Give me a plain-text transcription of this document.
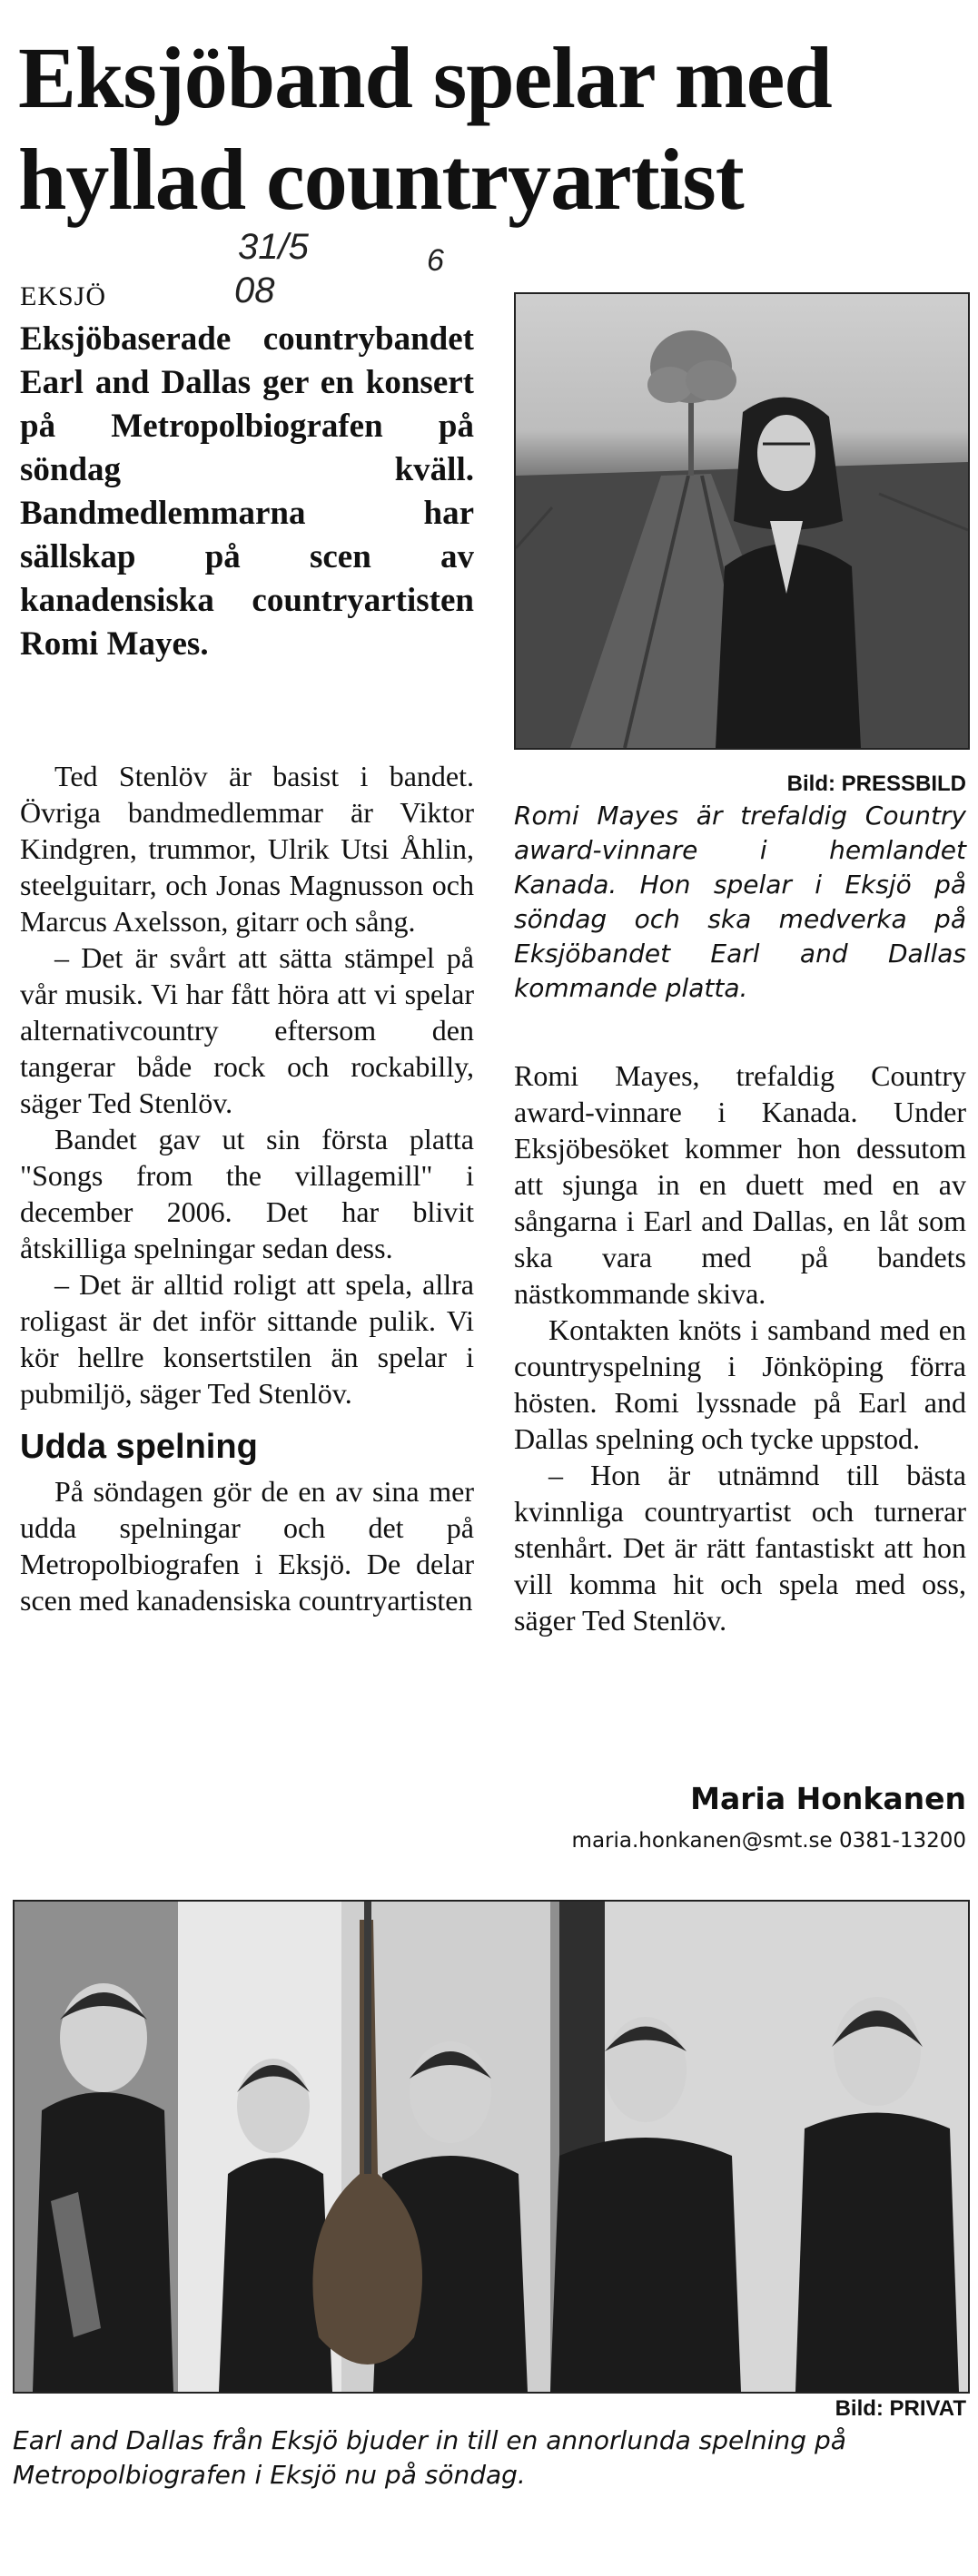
Eksjöband spelar med hyllad countryartist
31/5	6
08
EKSJÖ

Eksjöbaserade countrybandet Earl and Dallas ger en konsert på Metropolbiografen på söndag kväll. Bandmedlemmarna har sällskap på scen av kanadensiska countryartisten Romi Mayes.

Ted Stenlöv är basist i bandet. Övriga bandmedlemmar är Viktor Kindgren, trummor, Ulrik Utsi Åhlin, steelguitarr, och Jonas Magnusson och Marcus Axelsson, gitarr och sång.

– Det är svårt att sätta stämpel på vår musik. Vi har fått höra att vi spelar alternativcountry eftersom den tangerar både rock och rockabilly, säger Ted Stenlöv.

Bandet gav ut sin första platta "Songs from the villagemill" i december 2006. Det har blivit åtskilliga spelningar sedan dess.

– Det är alltid roligt att spela, allra roligast är det inför sittande pulik. Vi kör hellre konsertstilen än spelar i pubmiljö, säger Ted Stenlöv.

Udda spelning

På söndagen gör de en av sina mer udda spelningar och det på Metropolbiografen i Eksjö. De delar scen med kanadensiska countryartisten

Bild: PRESSBILD

Romi Mayes är trefaldig Country award-vinnare i hemlandet Kanada. Hon spelar i Eksjö på söndag och ska medverka på Eksjöbandet Earl and Dallas kommande platta.

Romi Mayes, trefaldig Country award-vinnare i Kanada. Under Eksjöbesöket kommer hon dessutom att sjunga in en duett med en av sångarna i Earl and Dallas, en låt som ska vara med på bandets nästkommande skiva.

Kontakten knöts i samband med en countryspelning i Jönköping förra hösten. Romi lyssnade på Earl and Dallas spelning och tycke uppstod.

– Hon är utnämnd till bästa kvinnliga countryartist och turnerar stenhårt. Det är rätt fantastiskt att hon vill komma hit och spela med oss, säger Ted Stenlöv.

Maria Honkanen
maria.honkanen@smt.se 0381-13200
Bild: PRIVAT

Earl and Dallas från Eksjö bjuder in till en annorlunda spelning på Metropolbiografen i Eksjö nu på söndag.
